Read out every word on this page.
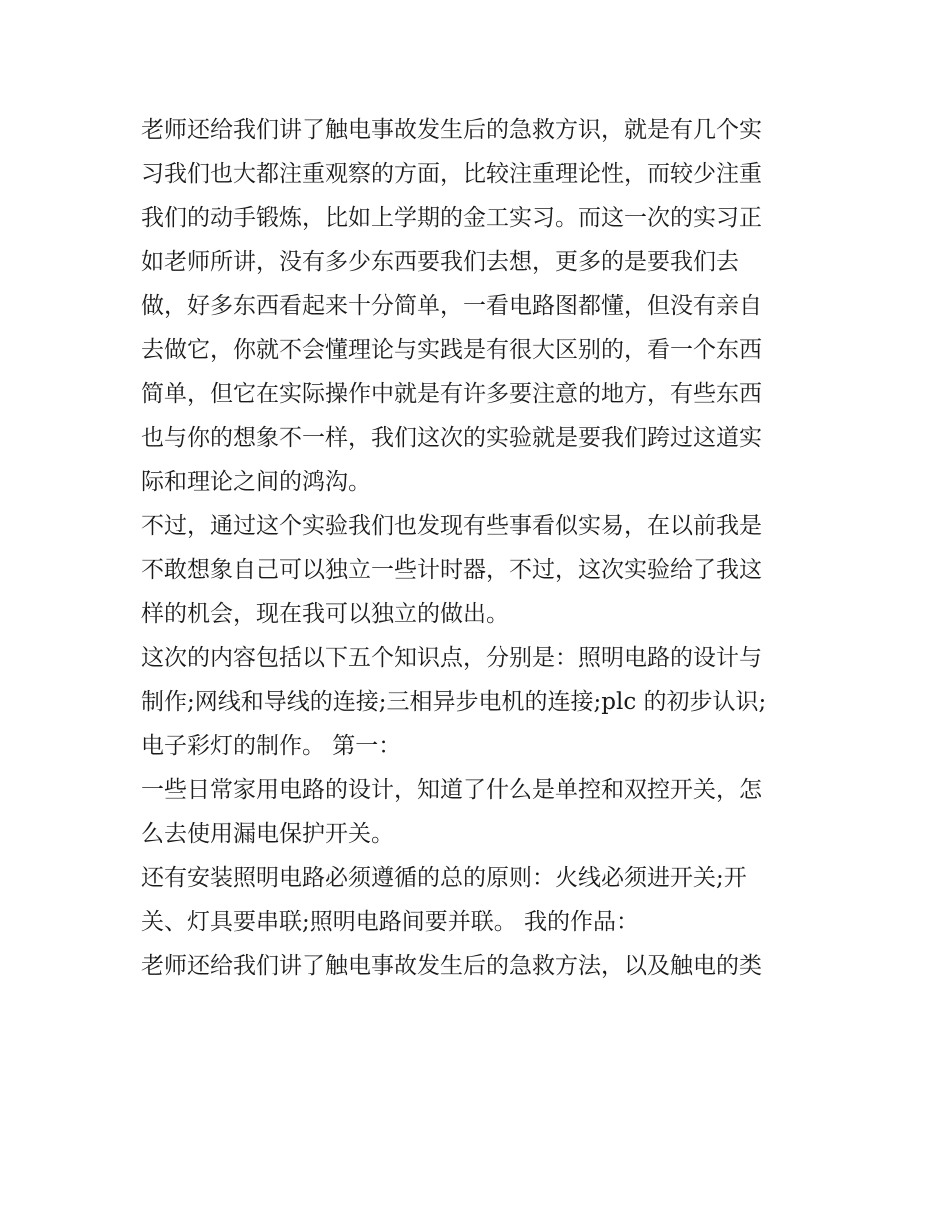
老师还给我们讲了触电事故发生后的急救方识，就是有几个实
习我们也大都注重观察的方面，比较注重理论性，而较少注重
我们的动手锻炼，比如上学期的金工实习。而这一次的实习正
如老师所讲，没有多少东西要我们去想，更多的是要我们去
做，好多东西看起来十分简单，一看电路图都懂，但没有亲自
去做它，你就不会懂理论与实践是有很大区别的，看一个东西
简单，但它在实际操作中就是有许多要注意的地方，有些东西
也与你的想象不一样，我们这次的实验就是要我们跨过这道实
际和理论之间的鸿沟。
不过，通过这个实验我们也发现有些事看似实易，在以前我是
不敢想象自己可以独立一些计时器，不过，这次实验给了我这
样的机会，现在我可以独立的做出。
这次的内容包括以下五个知识点，分别是：照明电路的设计与
制作;网线和导线的连接;三相异步电机的连接;plc 的初步认识;
电子彩灯的制作。 第一：
一些日常家用电路的设计，知道了什么是单控和双控开关，怎
么去使用漏电保护开关。
还有安装照明电路必须遵循的总的原则：火线必须进开关;开
关、灯具要串联;照明电路间要并联。 我的作品：
老师还给我们讲了触电事故发生后的急救方法，以及触电的类
